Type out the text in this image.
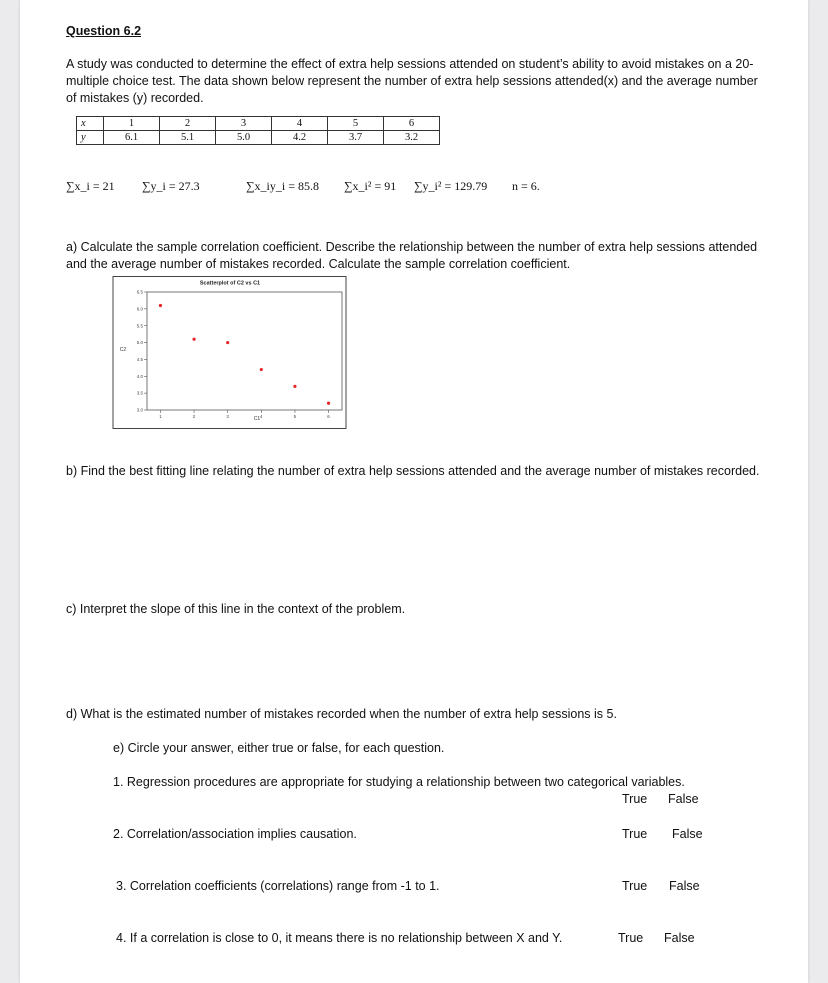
Question 6.2
A study was conducted to determine the effect of extra help sessions attended on student’s ability to avoid mistakes on a 20- multiple choice test. The data shown below represent the number of extra help sessions attended(x) and the average number of mistakes (y) recorded.
x	1	2	3	4	5	6
y	6.1	5.1	5.0	4.2	3.7	3.2
∑x_i = 21 ∑y_i = 27.3	∑x_iy_i = 85.8 ∑x_i² = 91 ∑y_i² = 129.79 n = 6.
a) Calculate the sample correlation coefficient. Describe the relationship between the number of extra help sessions attended and the average number of mistakes recorded. Calculate the sample correlation coefficient.
Scatterplot of C2 vs C1
C2
C1
3.0
3.5
4.0
4.5
5.0
5.5
6.0
6.5
1	2	3	4	5	6
b) Find the best fitting line relating the number of extra help sessions attended and the average number of mistakes recorded.
c) Interpret the slope of this line in the context of the problem.
d) What is the estimated number of mistakes recorded when the number of extra help sessions is 5.
e) Circle your answer, either true or false, for each question.
1. Regression procedures are appropriate for studying a relationship between two categorical variables.
True False
2. Correlation/association implies causation.	True False
3. Correlation coefficients (correlations) range from -1 to 1.	True False
4. If a correlation is close to 0, it means there is no relationship between X and Y.	True False
